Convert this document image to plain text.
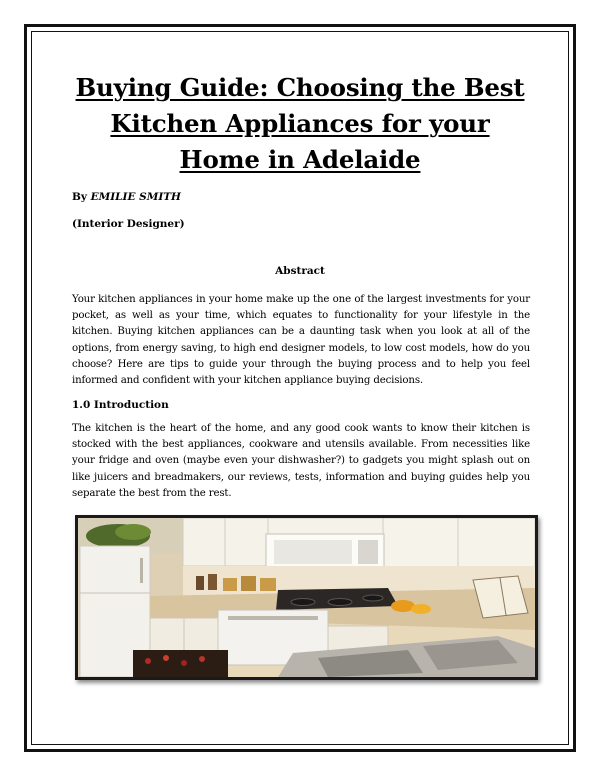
Buying Guide: Choosing the Best Kitchen Appliances for your Home in Adelaide
By EMILIE SMITH
(Interior Designer)
Abstract
Your kitchen appliances in your home make up the one of the largest investments for your pocket, as well as your time, which equates to functionality for your lifestyle in the kitchen. Buying kitchen appliances can be a daunting task when you look at all of the options, from energy saving, to high end designer models, to low cost models, how do you choose? Here are tips to guide your through the buying process and to help you feel informed and confident with your kitchen appliance buying decisions.
1.0 Introduction
The kitchen is the heart of the home, and any good cook wants to know their kitchen is stocked with the best appliances, cookware and utensils available. From necessities like your fridge and oven (maybe even your dishwasher?) to gadgets you might splash out on like juicers and breadmakers, our reviews, tests, information and buying guides help you separate the best from the rest.
